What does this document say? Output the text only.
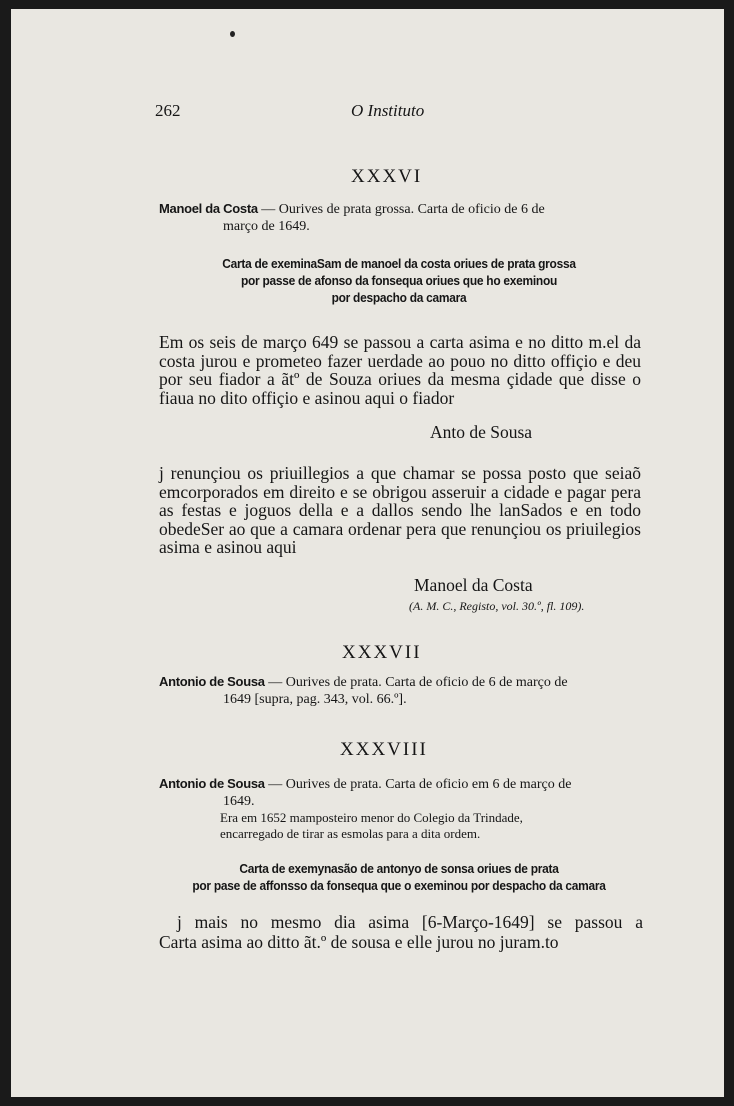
262	O Instituto

XXXVI

Manoel da Costa — Ourives de prata grossa. Carta de oficio de 6 de
março de 1649.

Carta de exeminaSam de manoel da costa oriues de prata grossa
por passe de afonso da fonsequa oriues que ho exeminou
por despacho da camara

Em os seis de março 649 se passou a carta asima e no ditto m.el da costa jurou e prometeo fazer uerdade ao pouo no ditto offiçio e deu por seu fiador a ãtº de Souza oriues da mesma çidade que disse o fiaua no dito offiçio e asinou aqui o fiador

Anto de Sousa

j renunçiou os priuillegios a que chamar se possa posto que seiaõ emcorporados em direito e se obrigou asseruir a cidade e pagar pera as festas e joguos della e a dallos sendo lhe lanSados e en todo obedeSer ao que a camara ordenar pera que renunçiou os priuilegios asima e asinou aqui

Manoel da Costa

(A. M. C., Registo, vol. 30.º, fl. 109).

XXXVII

Antonio de Sousa — Ourives de prata. Carta de oficio de 6 de março de
1649 [supra, pag. 343, vol. 66.º].

XXXVIII

Antonio de Sousa — Ourives de prata. Carta de oficio em 6 de março de
1649.

Era em 1652 mamposteiro menor do Colegio da Trindade,
encarregado de tirar as esmolas para a dita ordem.
Carta de exemynasão de antonyo de sonsa oriues de prata
por pase de affonsso da fonsequa que o exeminou por despacho da camara

j mais no mesmo dia asima [6-Março-1649] se passou a

Carta asima ao ditto ãt.º de sousa e elle jurou no juram.to
